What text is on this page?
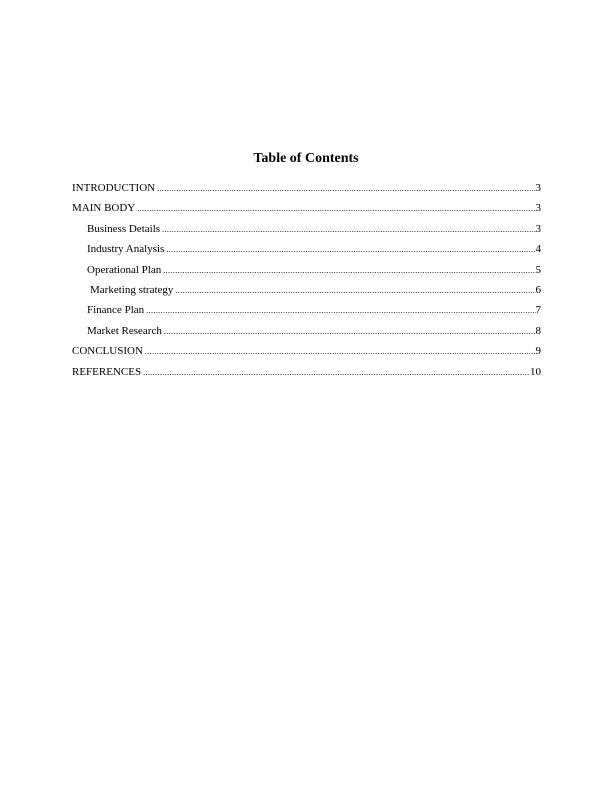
Table of Contents
INTRODUCTION .....	3
MAIN BODY .....	3
Business Details .....	3
Industry Analysis .....	4
Operational Plan .....	5
Marketing strategy .....	6
Finance Plan .....	7
Market Research .....	8
CONCLUSION .....	9
REFERENCES .....	10
